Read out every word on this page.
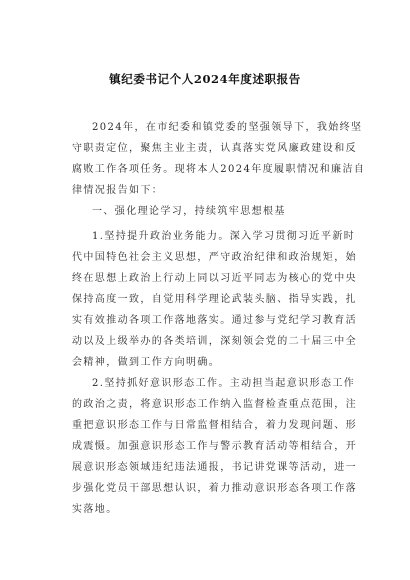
镇纪委书记个人2024年度述职报告
2024年，在市纪委和镇党委的坚强领导下，我始终坚
守职责定位，聚焦主业主责，认真落实党风廉政建设和反
腐败工作各项任务。现将本人2024年度履职情况和廉洁自
律情况报告如下：
一、强化理论学习，持续筑牢思想根基
1.坚持提升政治业务能力。深入学习贯彻习近平新时
代中国特色社会主义思想，严守政治纪律和政治规矩，始
终在思想上政治上行动上同以习近平同志为核心的党中央
保持高度一致，自觉用科学理论武装头脑、指导实践，扎
实有效推动各项工作落地落实。通过参与党纪学习教育活
动以及上级举办的各类培训，深刻领会党的二十届三中全
会精神，做到工作方向明确。
2.坚持抓好意识形态工作。主动担当起意识形态工作
的政治之责，将意识形态工作纳入监督检查重点范围，注
重把意识形态工作与日常监督相结合，着力发现问题、形
成震慑。加强意识形态工作与警示教育活动等相结合，开
展意识形态领域违纪违法通报，书记讲党课等活动，进一
步强化党员干部思想认识，着力推动意识形态各项工作落
实落地。
